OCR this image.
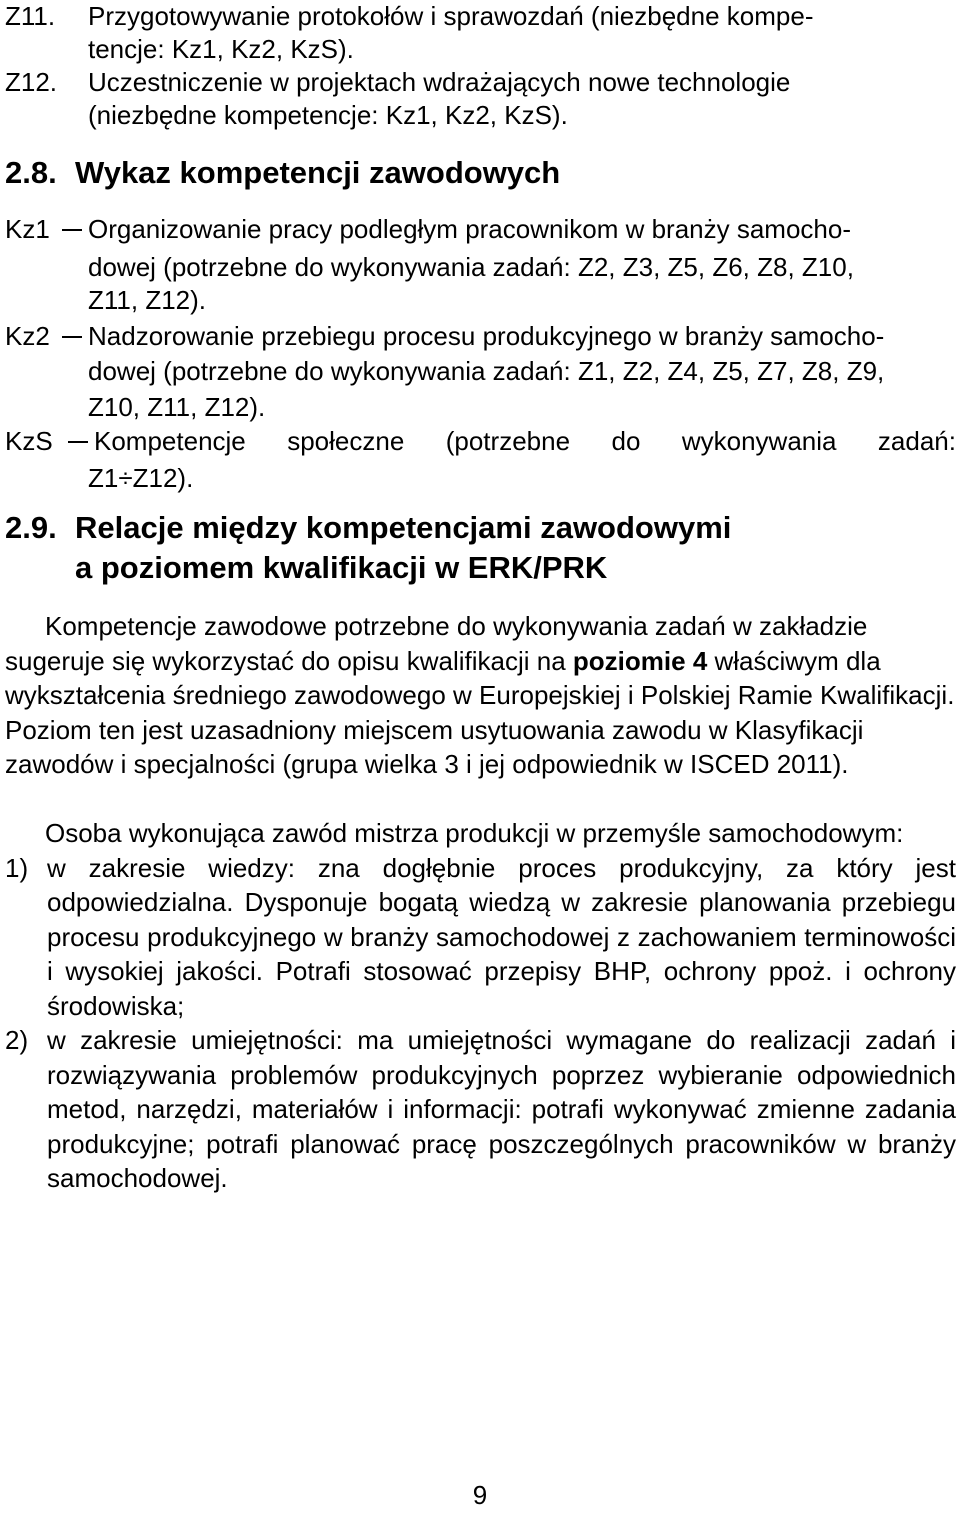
Z11. Przygotowywanie protokołów i sprawozdań (niezbędne kompe-
tencje: Kz1, Kz2, KzS).
Z12. Uczestniczenie w projektach wdrażających nowe technologie
(niezbędne kompetencje: Kz1, Kz2, KzS).
2.8. Wykaz kompetencji zawodowych
Kz1 Organizowanie pracy podległym pracownikom w branży samocho-
dowej (potrzebne do wykonywania zadań: Z2, Z3, Z5, Z6, Z8, Z10,
Z11, Z12).
Kz2 Nadzorowanie przebiegu procesu produkcyjnego w branży samocho-
dowej (potrzebne do wykonywania zadań: Z1, Z2, Z4, Z5, Z7, Z8, Z9,
Z10, Z11, Z12).
KzS Kompetencje społeczne (potrzebne do wykonywania zadań:
Z1÷Z12).
2.9. Relacje między kompetencjami zawodowymi
a poziomem kwalifikacji w ERK/PRK

Kompetencje zawodowe potrzebne do wykonywania zadań w zakładzie sugeruje się wykorzystać do opisu kwalifikacji na poziomie 4 właściwym dla wykształcenia średniego zawodowego w Europejskiej i Polskiej Ramie Kwalifikacji. Poziom ten jest uzasadniony miejscem usytuowania zawodu w Klasyfikacji zawodów i specjalności (grupa wielka 3 i jej odpowiednik w ISCED 2011).

Osoba wykonująca zawód mistrza produkcji w przemyśle samochodowym:

1) w zakresie wiedzy: zna dogłębnie proces produkcyjny, za który jest odpowiedzialna. Dysponuje bogatą wiedzą w zakresie planowania przebiegu procesu produkcyjnego w branży samochodowej z zachowaniem terminowości i wysokiej jakości. Potrafi stosować przepisy BHP, ochrony ppoż. i ochrony środowiska;
2) w zakresie umiejętności: ma umiejętności wymagane do realizacji zadań i rozwiązywania problemów produkcyjnych poprzez wybieranie odpowiednich metod, narzędzi, materiałów i informacji: potrafi wykonywać zmienne zadania produkcyjne; potrafi planować pracę poszczególnych pracowników w branży samochodowej.
9
